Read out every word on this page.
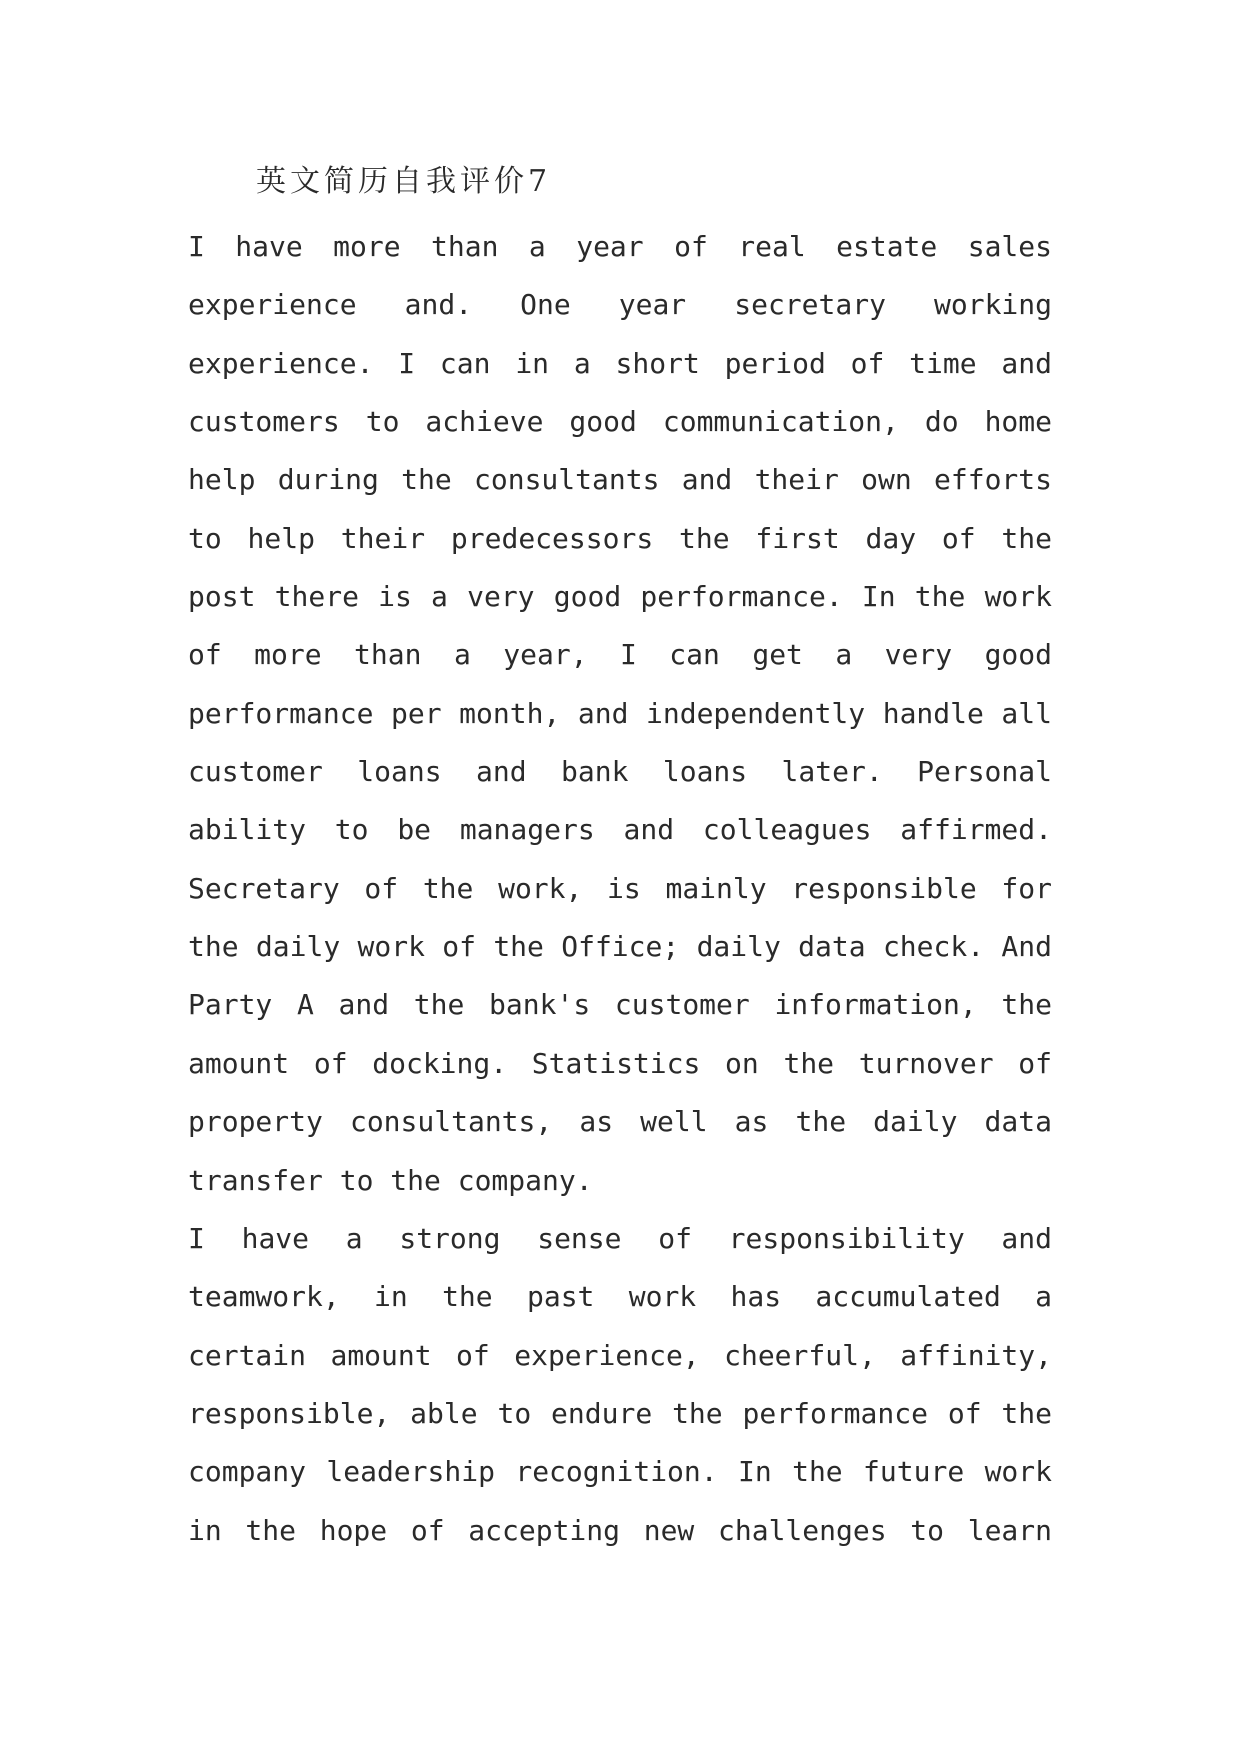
英文简历自我评价7
I have more than a year of real estate sales
experience and. One year secretary working
experience. I can in a short period of time and
customers to achieve good communication, do home
help during the consultants and their own efforts
to help their predecessors the first day of the
post there is a very good performance. In the work
of more than a year, I can get a very good
performance per month, and independently handle all
customer loans and bank loans later. Personal
ability to be managers and colleagues affirmed.
Secretary of the work, is mainly responsible for
the daily work of the Office; daily data check. And
Party A and the bank's customer information, the
amount of docking. Statistics on the turnover of
property consultants, as well as the daily data
transfer to the company.
I have a strong sense of responsibility and
teamwork, in the past work has accumulated a
certain amount of experience, cheerful, affinity,
responsible, able to endure the performance of the
company leadership recognition. In the future work
in the hope of accepting new challenges to learn
